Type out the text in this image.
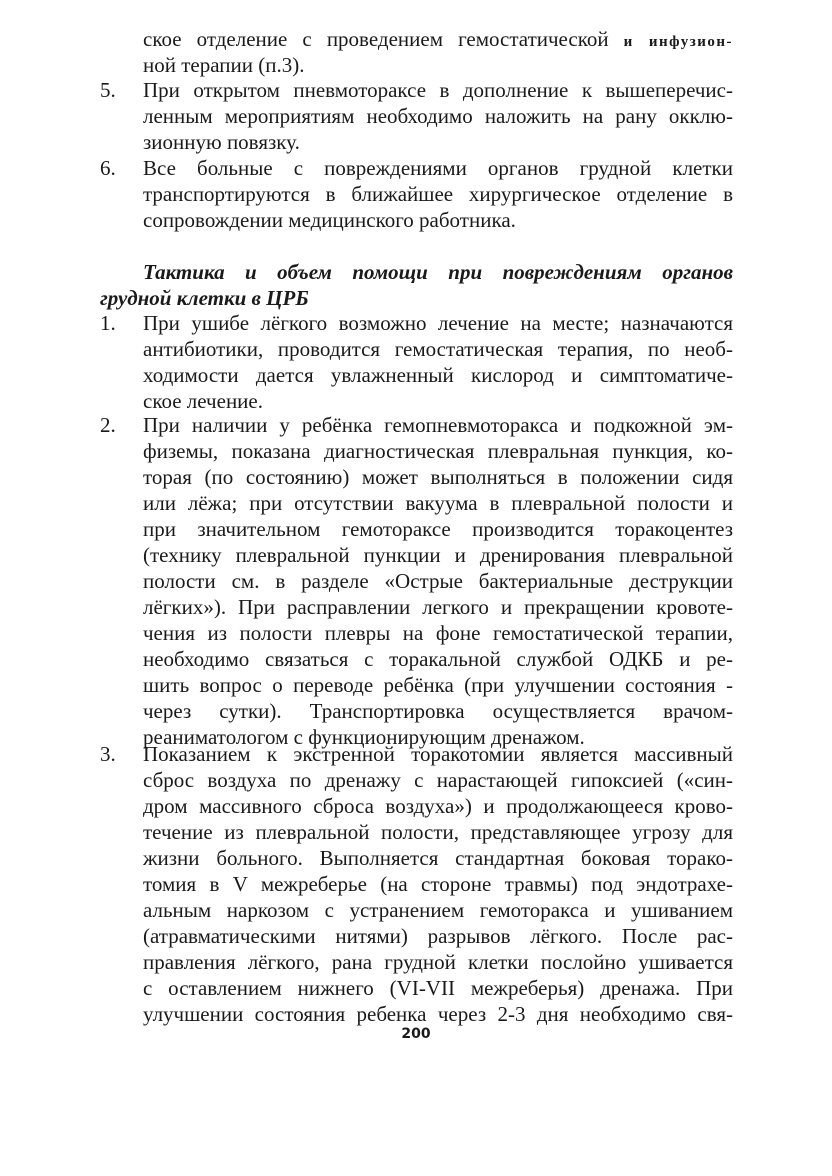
ское отделение с проведением гемостатической и инфузион-
ной терапии (п.3).
5.	При открытом пневмотораксе в дополнение к вышеперечис-
ленным мероприятиям необходимо наложить на рану окклю-
зионную повязку.
6.	Все больные с повреждениями органов грудной клетки
транспортируются в ближайшее хирургическое отделение в
сопровождении медицинского работника.
Тактика и объем помощи при повреждениям органов
грудной клетки в ЦРБ
1.	При ушибе лёгкого возможно лечение на месте; назначаются
антибиотики, проводится гемостатическая терапия, по необ-
ходимости дается увлажненный кислород и симптоматиче-
ское лечение.
2.	При наличии у ребёнка гемопневмоторакса и подкожной эм-
физемы, показана диагностическая плевральная пункция, ко-
торая (по состоянию) может выполняться в положении сидя
или лёжа; при отсутствии вакуума в плевральной полости и
при значительном гемотораксе производится торакоцентез
(технику плевральной пункции и дренирования плевральной
полости см. в разделе «Острые бактериальные деструкции
лёгких»). При расправлении легкого и прекращении кровоте-
чения из полости плевры на фоне гемостатической терапии,
необходимо связаться с торакальной службой ОДКБ и ре-
шить вопрос о переводе ребёнка (при улучшении состояния -
через сутки). Транспортировка осуществляется врачом-
реаниматологом с функционирующим дренажом.
3.	Показанием к экстренной торакотомии является массивный
сброс воздуха по дренажу с нарастающей гипоксией («син-
дром массивного сброса воздуха») и продолжающееся крово-
течение из плевральной полости, представляющее угрозу для
жизни больного. Выполняется стандартная боковая торако-
томия в V межреберье (на стороне травмы) под эндотрахе-
альным наркозом с устранением гемоторакса и ушиванием
(атравматическими нитями) разрывов лёгкого. После рас-
правления лёгкого, рана грудной клетки послойно ушивается
с оставлением нижнего (VI-VII межреберья) дренажа. При
улучшении состояния ребенка через 2-3 дня необходимо свя-
200
